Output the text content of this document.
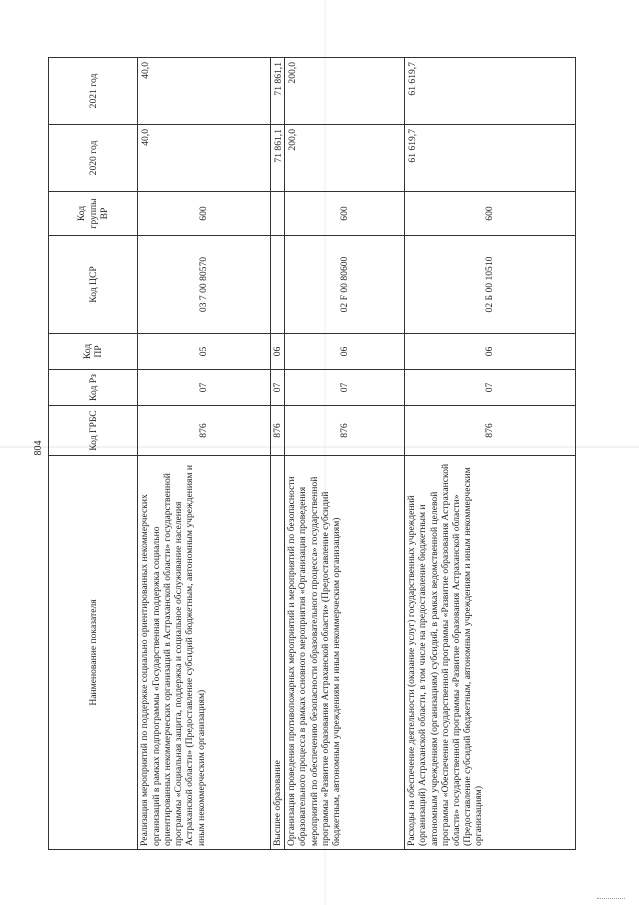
804
Наименование показателя	Код ГРБС	Код Рз	Код ПР	Код ЦСР	Код группы ВР	2020 год	2021 год
Реализация мероприятий по поддержке социально ориентированных некоммерческих организаций в рамках подпрограммы «Государственная поддержка социально ориентированных некоммерческих организаций в Астраханской области» государственной программы «Социальная защита, поддержка и социальное обслуживание населения Астраханской области» (Предоставление субсидий бюджетным, автономным учреждениям и иным некоммерческим организациям)	876	07	05	03 7 00 80570	600	40,0	40,0
Высшее образование	876	07	06			71 861,1	71 861,1
Организация проведения противопожарных мероприятий и мероприятий по безопасности образовательного процесса в рамках основного мероприятия «Организация проведения мероприятий по обеспечению безопасности образовательного процесса» государственной программы «Развитие образования Астраханской области» (Предоставление субсидий бюджетным, автономным учреждениям и иным некоммерческим организациям)	876	07	06	02 F 00 80600	600	200,0	200,0
Расходы на обеспечение деятельности (оказание услуг) государственных учреждений (организаций) Астраханской области, в том числе на предоставление бюджетным и автономным учреждениям (организациям) субсидий, в рамках ведомственной целевой программы «Обеспечение государственной программы «Развитие образования Астраханской области» государственной программы «Развитие образования Астраханской области» (Предоставление субсидий бюджетным, автономным учреждениям и иным некоммерческим организациям)	876	07	06	02 Б 00 10510	600	61 619,7	61 619,7
